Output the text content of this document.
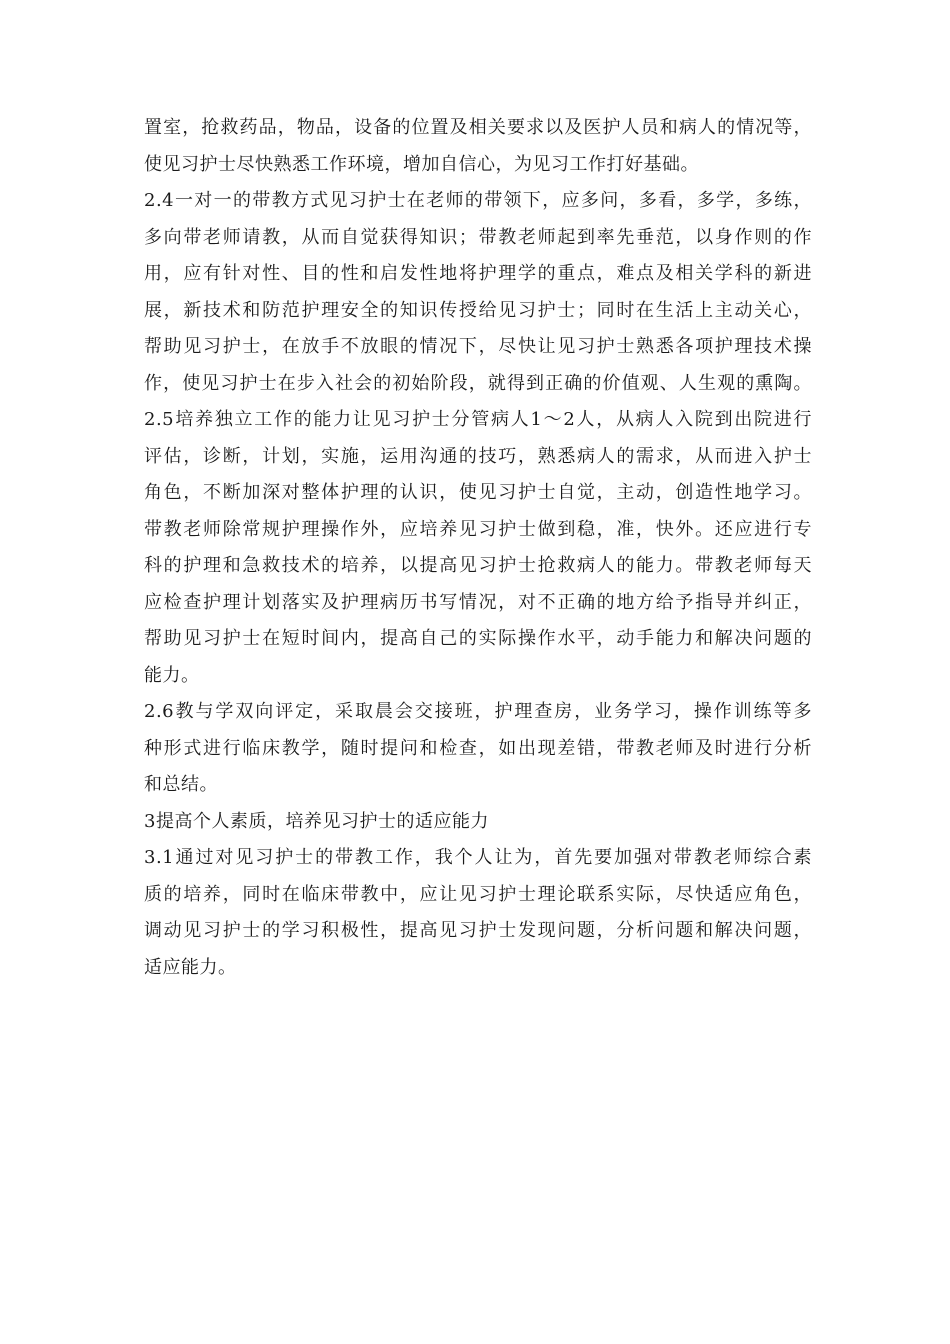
置室，抢救药品，物品，设备的位置及相关要求以及医护人员和病人的情况等，
使见习护士尽快熟悉工作环境，增加自信心，为见习工作打好基础。
2.4一对一的带教方式见习护士在老师的带领下，应多问，多看，多学，多练，
多向带老师请教，从而自觉获得知识；带教老师起到率先垂范，以身作则的作
用，应有针对性、目的性和启发性地将护理学的重点，难点及相关学科的新进
展，新技术和防范护理安全的知识传授给见习护士；同时在生活上主动关心，
帮助见习护士，在放手不放眼的情况下，尽快让见习护士熟悉各项护理技术操
作，使见习护士在步入社会的初始阶段，就得到正确的价值观、人生观的熏陶。
2.5培养独立工作的能力让见习护士分管病人1～2人，从病人入院到出院进行
评估，诊断，计划，实施，运用沟通的技巧，熟悉病人的需求，从而进入护士
角色，不断加深对整体护理的认识，使见习护士自觉，主动，创造性地学习。
带教老师除常规护理操作外，应培养见习护士做到稳，准，快外。还应进行专
科的护理和急救技术的培养，以提高见习护士抢救病人的能力。带教老师每天
应检查护理计划落实及护理病历书写情况，对不正确的地方给予指导并纠正，
帮助见习护士在短时间内，提高自己的实际操作水平，动手能力和解决问题的
能力。
2.6教与学双向评定，采取晨会交接班，护理查房，业务学习，操作训练等多
种形式进行临床教学，随时提问和检查，如出现差错，带教老师及时进行分析
和总结。
3提高个人素质，培养见习护士的适应能力
3.1通过对见习护士的带教工作，我个人让为，首先要加强对带教老师综合素
质的培养，同时在临床带教中，应让见习护士理论联系实际，尽快适应角色，
调动见习护士的学习积极性，提高见习护士发现问题，分析问题和解决问题，
适应能力。
